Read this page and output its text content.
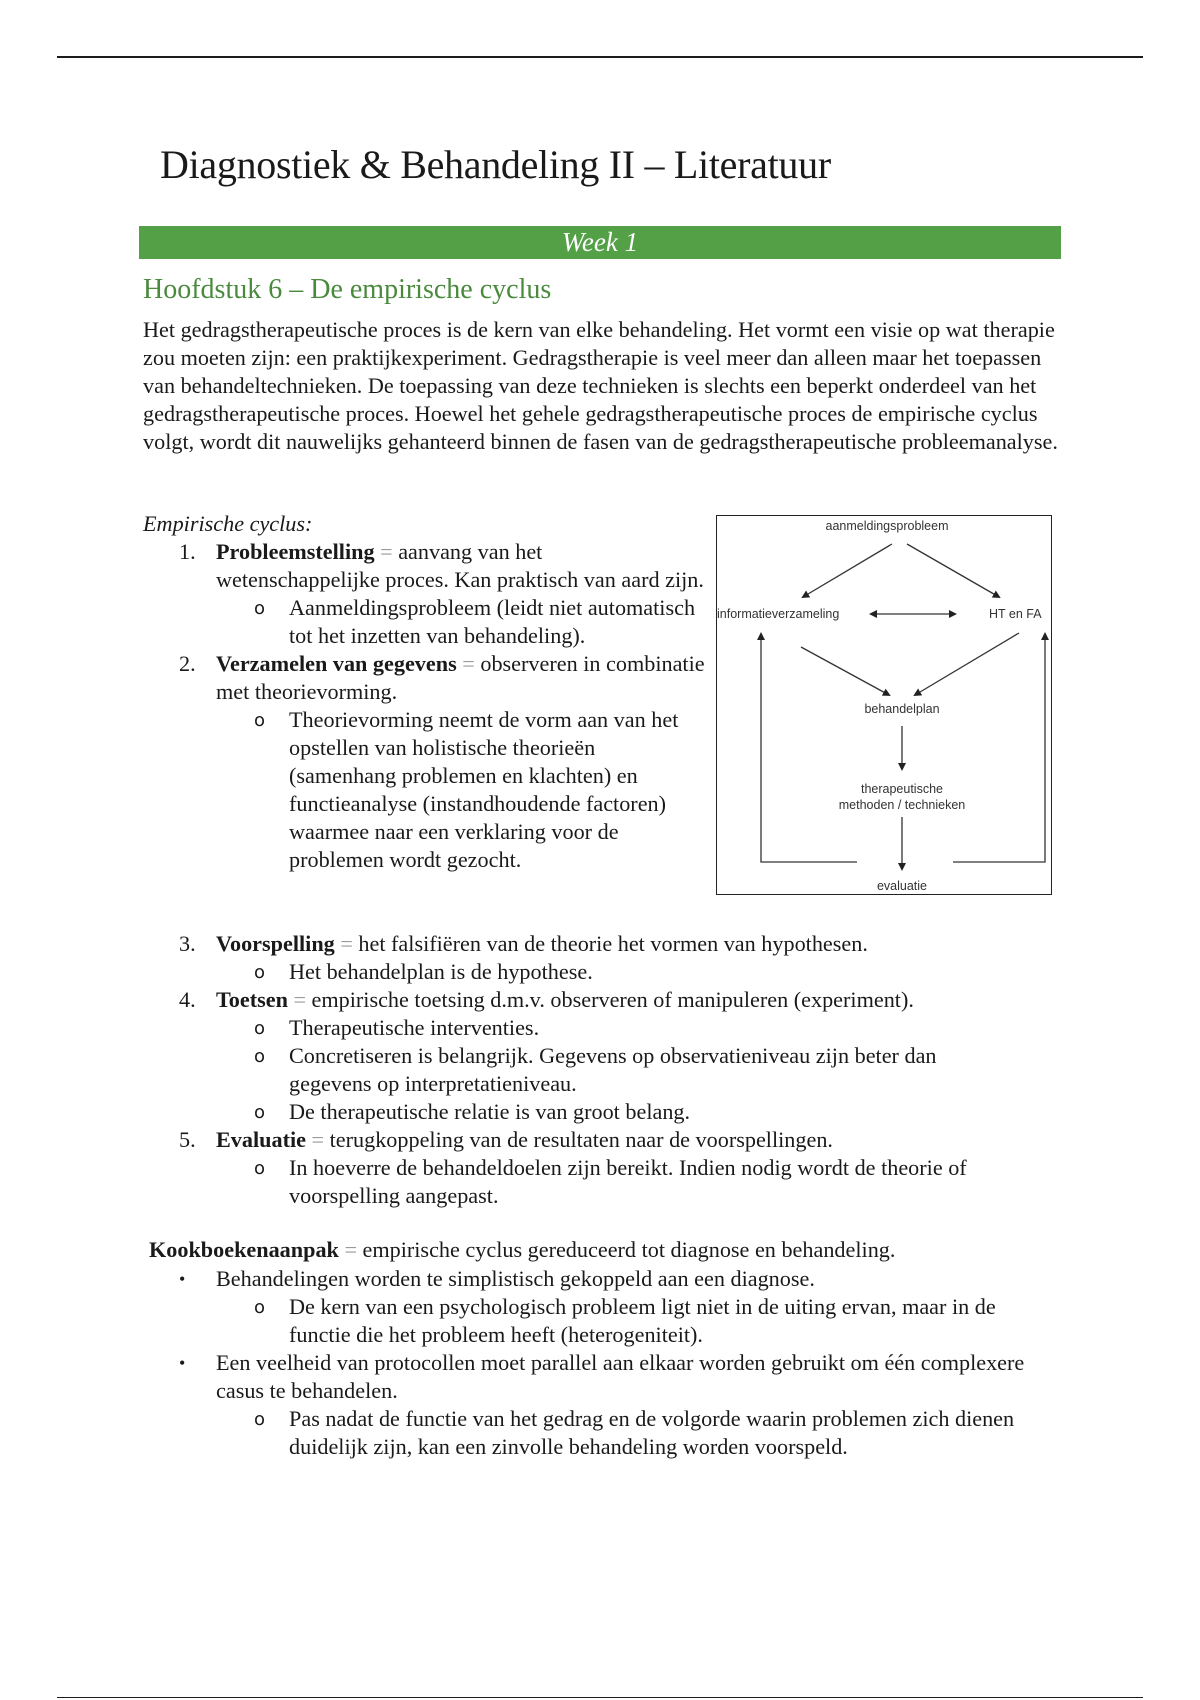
Diagnostiek & Behandeling II – Literatuur
Week 1
Hoofdstuk 6 – De empirische cyclus

Het gedragstherapeutische proces is de kern van elke behandeling. Het vormt een visie op wat therapie zou moeten zijn: een praktijkexperiment. Gedragstherapie is veel meer dan alleen maar het toepassen van behandeltechnieken. De toepassing van deze technieken is slechts een beperkt onderdeel van het gedragstherapeutische proces. Hoewel het gehele gedragstherapeutische proces de empirische cyclus volgt, wordt dit nauwelijks gehanteerd binnen de fasen van de gedragstherapeutische probleemanalyse.

Empirische cyclus:
1. Probleemstelling = aanvang van het wetenschappelijke proces. Kan praktisch van aard zijn.
o Aanmeldingsprobleem (leidt niet automatisch tot het inzetten van behandeling).
2. Verzamelen van gegevens = observeren in combinatie met theorievorming.
o Theorievorming neemt de vorm aan van het opstellen van holistische theorieën (samenhang problemen en klachten) en functieanalyse (instandhoudende factoren) waarmee naar een verklaring voor de problemen wordt gezocht.
3. Voorspelling = het falsifiëren van de theorie het vormen van hypothesen.
o Het behandelplan is de hypothese.
4. Toetsen = empirische toetsing d.m.v. observeren of manipuleren (experiment).
o Therapeutische interventies.
o Concretiseren is belangrijk. Gegevens op observatieniveau zijn beter dan gegevens op interpretatieniveau.
o De therapeutische relatie is van groot belang.
5. Evaluatie = terugkoppeling van de resultaten naar de voorspellingen.
o In hoeverre de behandeldoelen zijn bereikt. Indien nodig wordt de theorie of voorspelling aangepast.
aanmeldingsprobleem
informatieverzameling	HT en FA
behandelplan
therapeutische
methoden / technieken
evaluatie
Kookboekenaanpak = empirische cyclus gereduceerd tot diagnose en behandeling.
• Behandelingen worden te simplistisch gekoppeld aan een diagnose.
o De kern van een psychologisch probleem ligt niet in de uiting ervan, maar in de functie die het probleem heeft (heterogeniteit).
• Een veelheid van protocollen moet parallel aan elkaar worden gebruikt om één complexere casus te behandelen.
o Pas nadat de functie van het gedrag en de volgorde waarin problemen zich dienen duidelijk zijn, kan een zinvolle behandeling worden voorspeld.
